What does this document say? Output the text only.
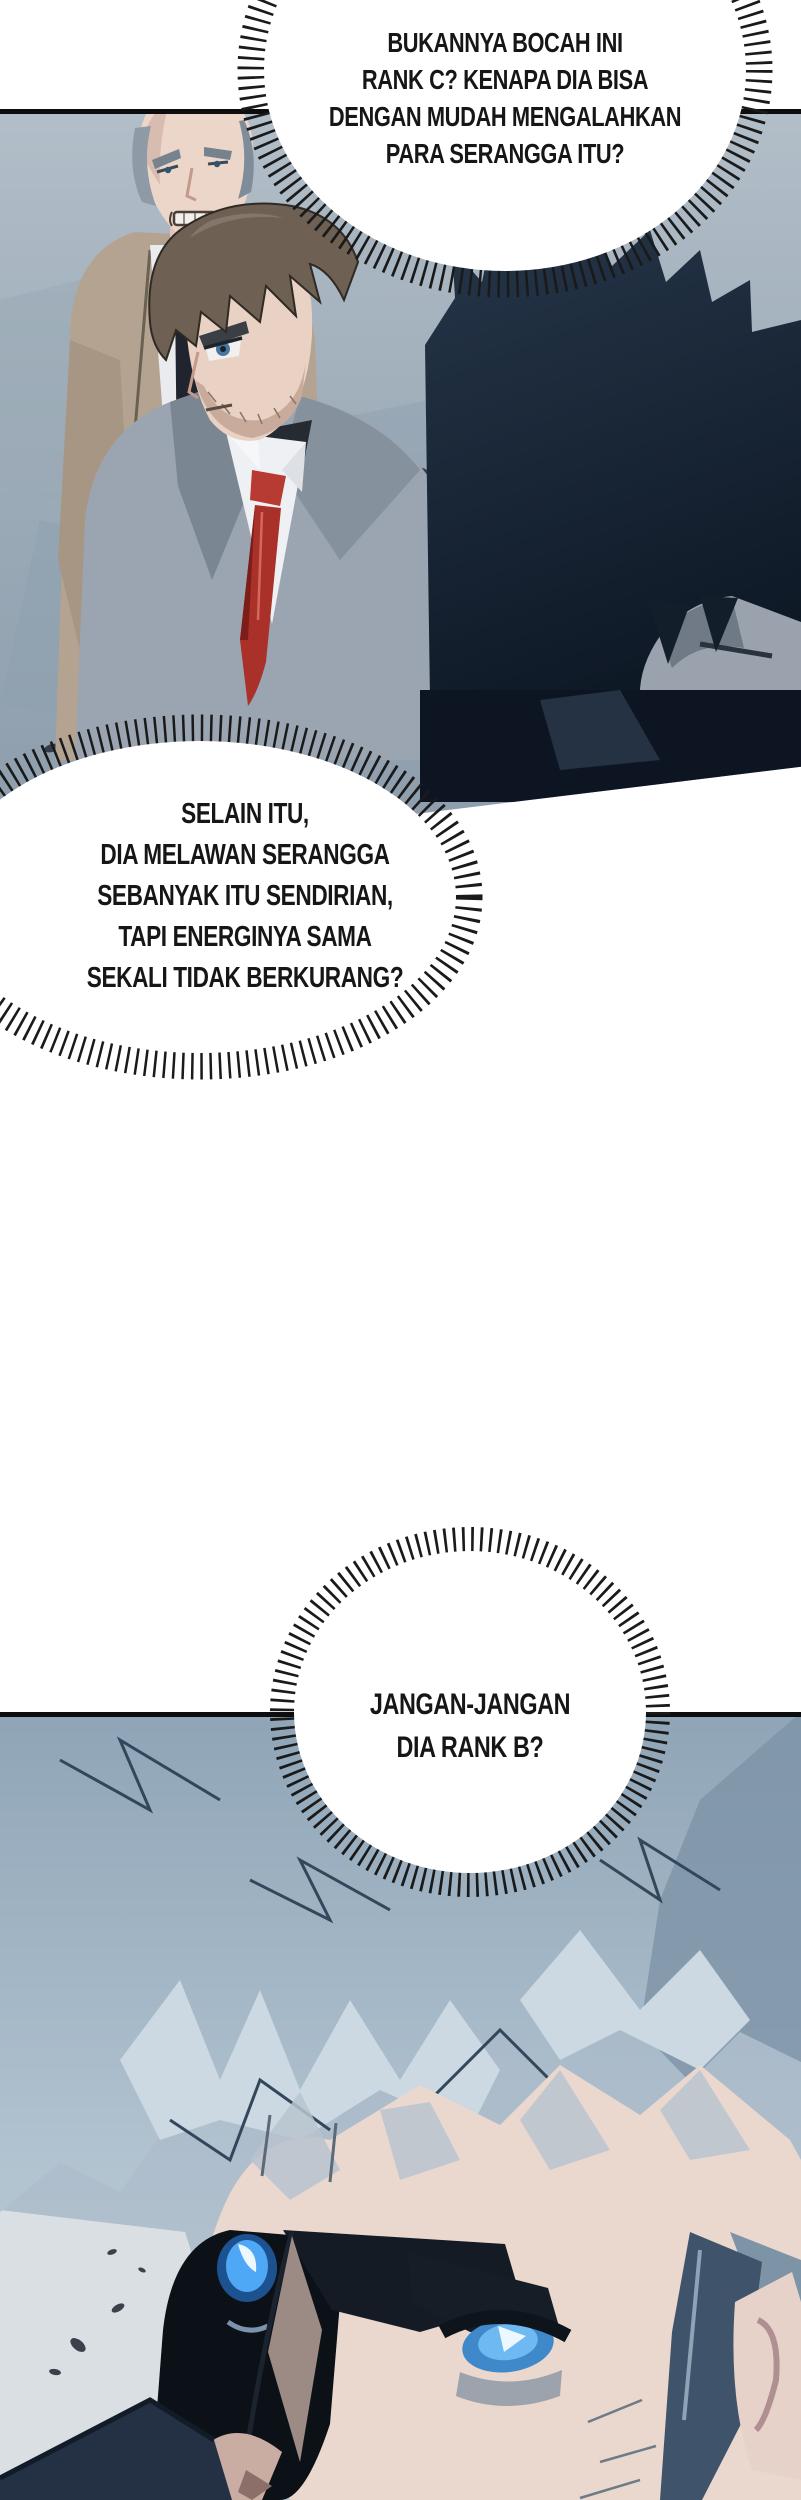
BUKANNYA BOCAH INI
RANK C? KENAPA DIA BISA
DENGAN MUDAH MENGALAHKAN
PARA SERANGGA ITU?
SELAIN ITU,
DIA MELAWAN SERANGGA
SEBANYAK ITU SENDIRIAN,
TAPI ENERGINYA SAMA
SEKALI TIDAK BERKURANG?
JANGAN-JANGAN
DIA RANK B?
